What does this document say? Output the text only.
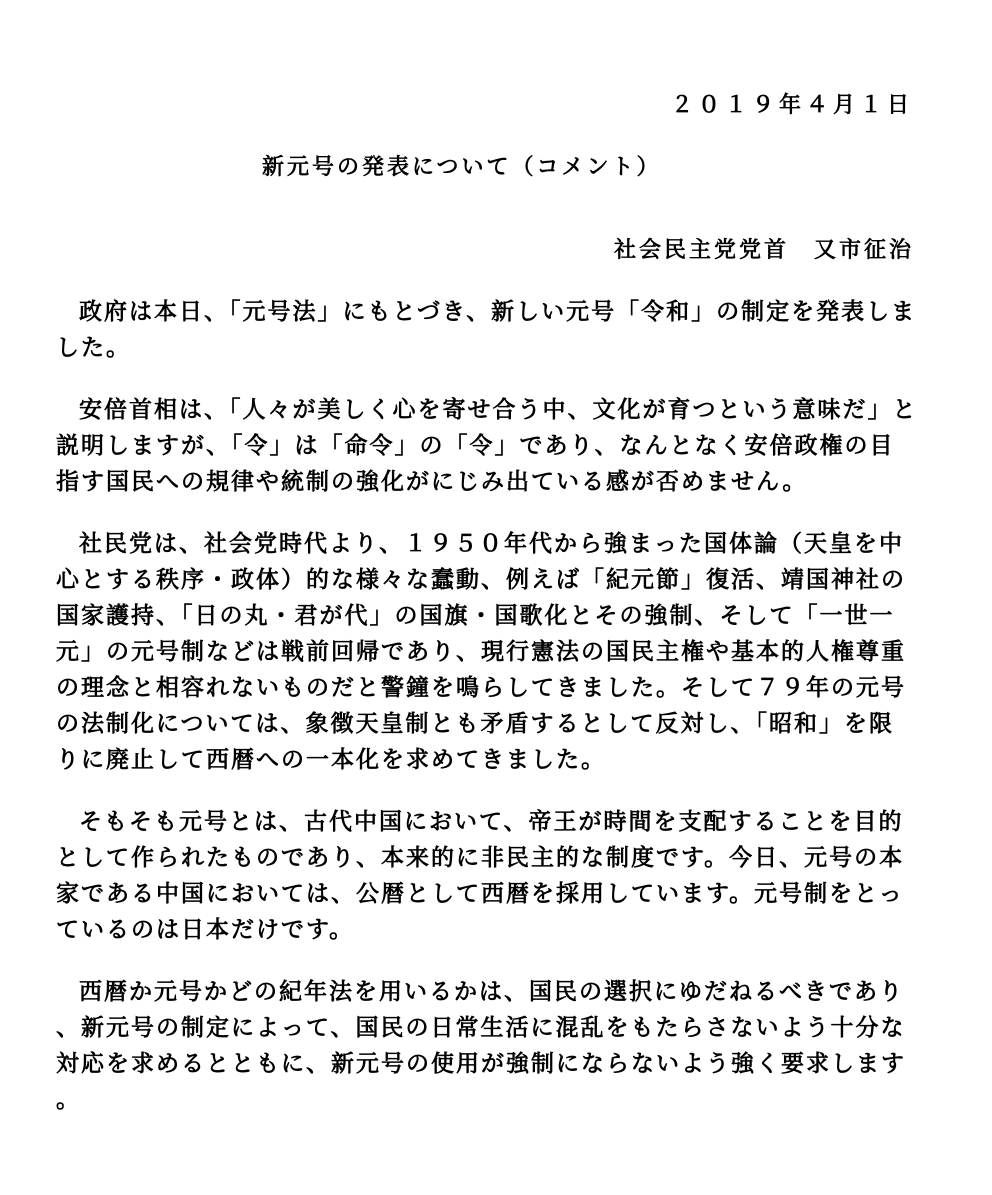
２０１９年４月１日
新元号の発表について（コメント）
社会民主党党首　又市征治

政府は本日、「元号法」にもとづき、新しい元号「令和」の制定を発表しました。

安倍首相は、「人々が美しく心を寄せ合う中、文化が育つという意味だ」と説明しますが、「令」は「命令」の「令」であり、なんとなく安倍政権の目指す国民への規律や統制の強化がにじみ出ている感が否めません。

社民党は、社会党時代より、１９５０年代から強まった国体論（天皇を中心とする秩序・政体）的な様々な蠢動、例えば「紀元節」復活、靖国神社の国家護持、「日の丸・君が代」の国旗・国歌化とその強制、そして「一世一元」の元号制などは戦前回帰であり、現行憲法の国民主権や基本的人権尊重の理念と相容れないものだと警鐘を鳴らしてきました。そして７９年の元号の法制化については、象徴天皇制とも矛盾するとして反対し、「昭和」を限りに廃止して西暦への一本化を求めてきました。

そもそも元号とは、古代中国において、帝王が時間を支配することを目的として作られたものであり、本来的に非民主的な制度です。今日、元号の本家である中国においては、公暦として西暦を採用しています。元号制をとっているのは日本だけです。

西暦か元号かどの紀年法を用いるかは、国民の選択にゆだねるべきであり、新元号の制定によって、国民の日常生活に混乱をもたらさないよう十分な対応を求めるとともに、新元号の使用が強制にならないよう強く要求します。
